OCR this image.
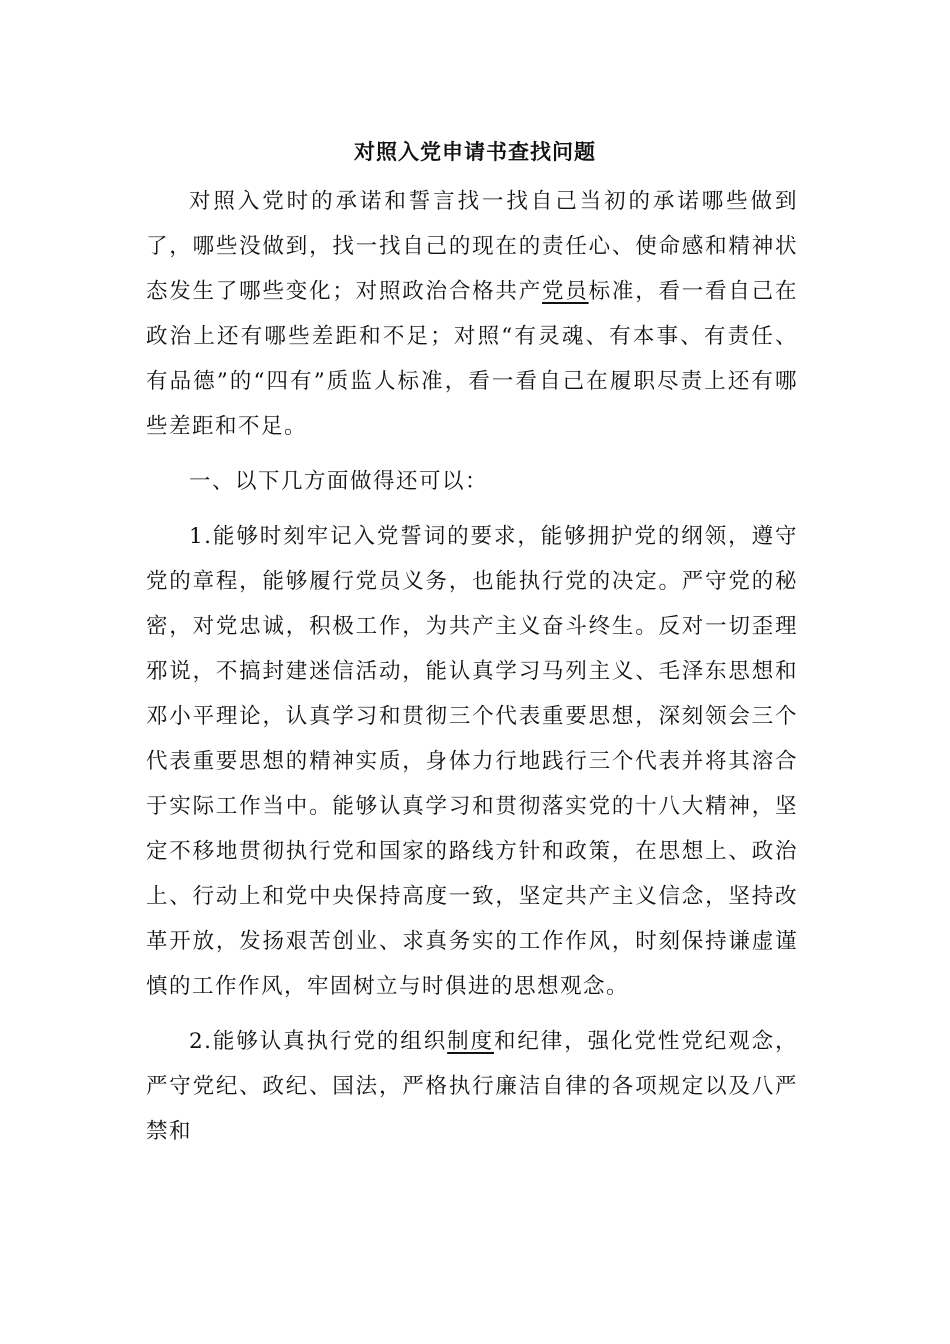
对照入党申请书查找问题

对照入党时的承诺和誓言找一找自己当初的承诺哪些做到了，哪些没做到，找一找自己的现在的责任心、使命感和精神状态发生了哪些变化；对照政治合格共产党员标准，看一看自己在政治上还有哪些差距和不足；对照“有灵魂、有本事、有责任、有品德”的“四有”质监人标准，看一看自己在履职尽责上还有哪些差距和不足。

一、以下几方面做得还可以：

1.能够时刻牢记入党誓词的要求，能够拥护党的纲领，遵守党的章程，能够履行党员义务，也能执行党的决定。严守党的秘密，对党忠诚，积极工作，为共产主义奋斗终生。反对一切歪理邪说，不搞封建迷信活动，能认真学习马列主义、毛泽东思想和邓小平理论，认真学习和贯彻三个代表重要思想，深刻领会三个代表重要思想的精神实质，身体力行地践行三个代表并将其溶合于实际工作当中。能够认真学习和贯彻落实党的十八大精神，坚定不移地贯彻执行党和国家的路线方针和政策，在思想上、政治上、行动上和党中央保持高度一致，坚定共产主义信念，坚持改革开放，发扬艰苦创业、求真务实的工作作风，时刻保持谦虚谨慎的工作作风，牢固树立与时俱进的思想观念。

2.能够认真执行党的组织制度和纪律，强化党性党纪观念，严守党纪、政纪、国法，严格执行廉洁自律的各项规定以及八严禁和
